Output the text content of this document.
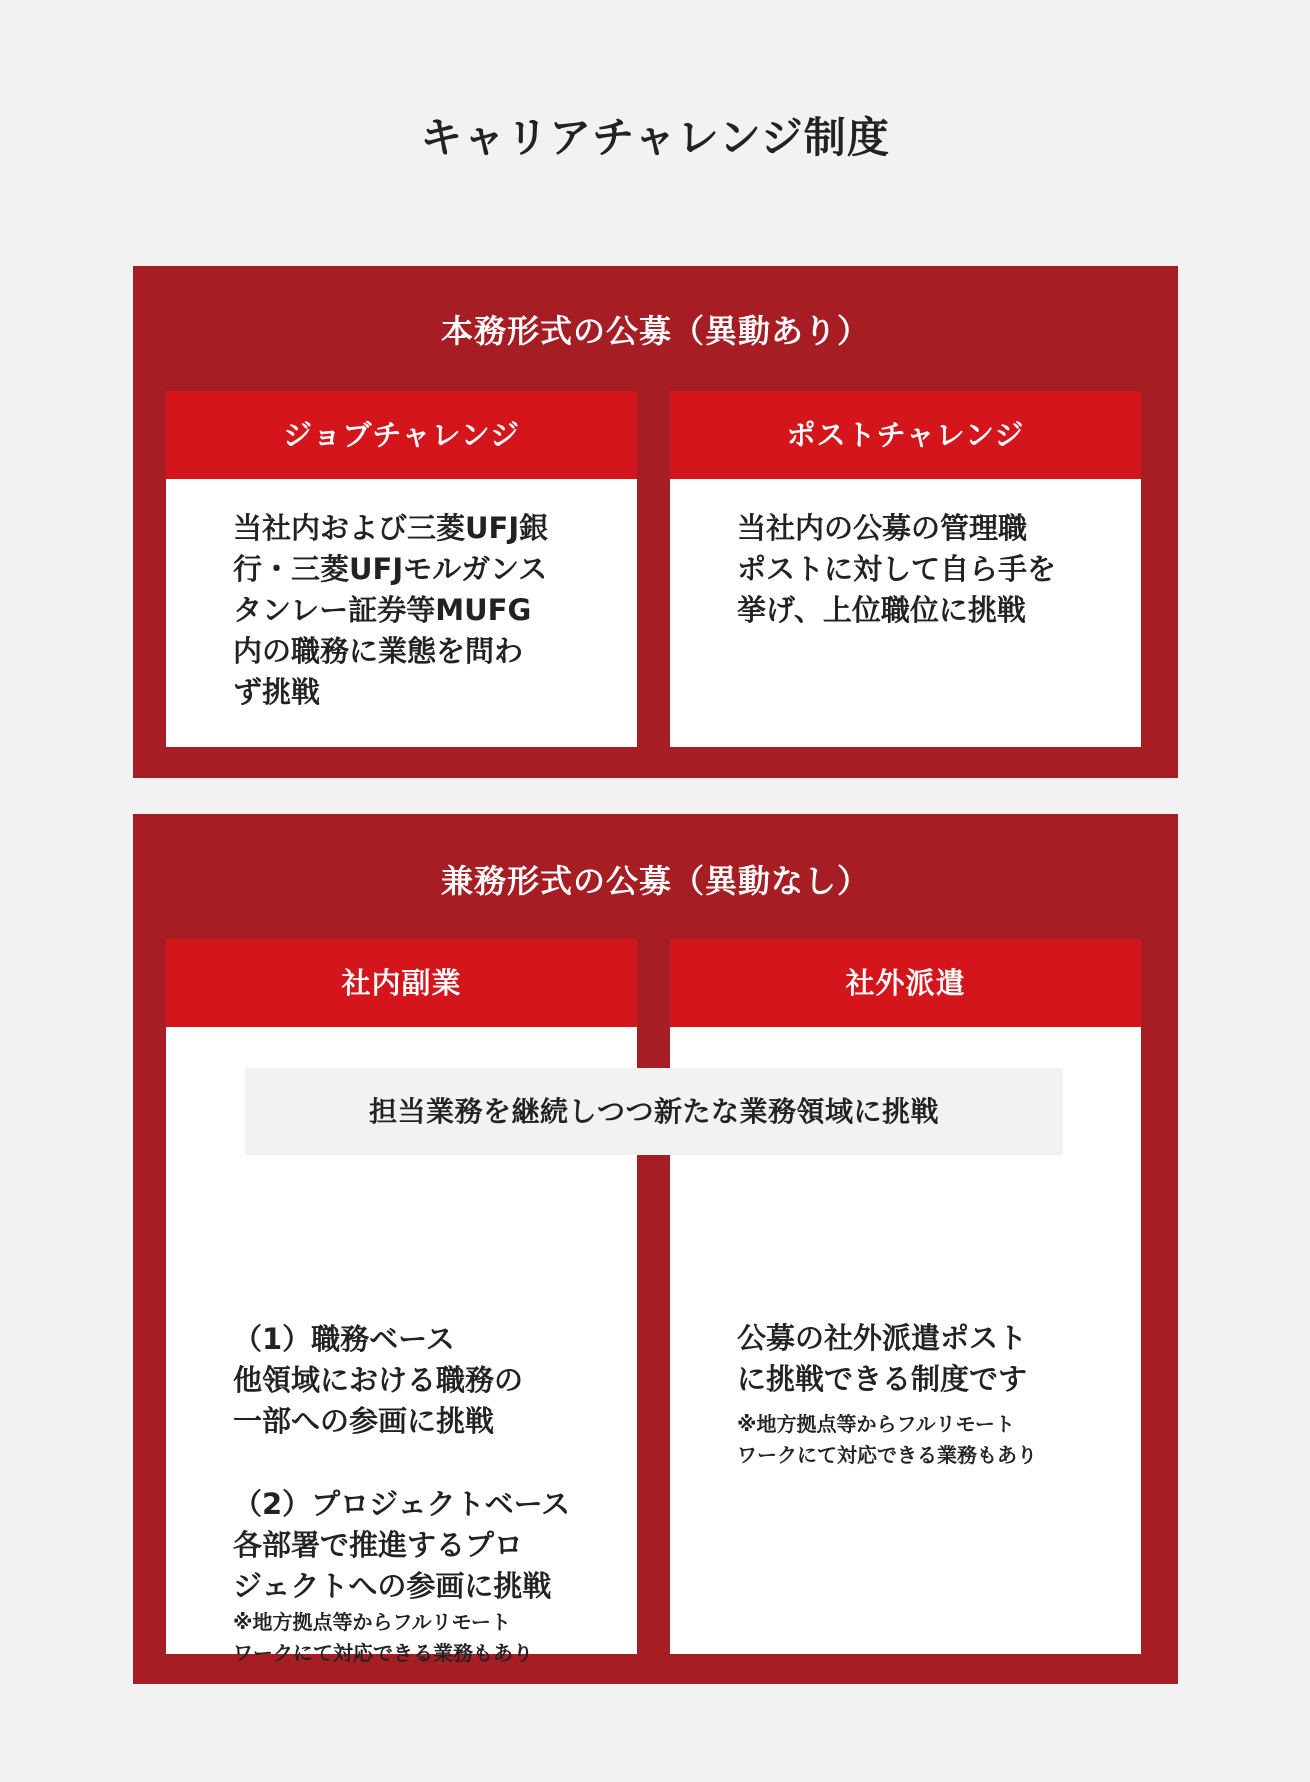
キャリアチャレンジ制度
本務形式の公募（異動あり）
ジョブチャレンジ
当社内および三菱UFJ銀
行・三菱UFJモルガンス
タンレー証券等MUFG
内の職務に業態を問わ
ず挑戦
ポストチャレンジ
当社内の公募の管理職
ポストに対して自ら手を
挙げ、上位職位に挑戦
兼務形式の公募（異動なし）
社内副業
（1）職務ベース
他領域における職務の
一部への参画に挑戦
（2）プロジェクトベース
各部署で推進するプロ
ジェクトへの参画に挑戦
※地方拠点等からフルリモート
ワークにて対応できる業務もあり
社外派遣
公募の社外派遣ポスト
に挑戦できる制度です
※地方拠点等からフルリモート
ワークにて対応できる業務もあり
担当業務を継続しつつ新たな業務領域に挑戦
